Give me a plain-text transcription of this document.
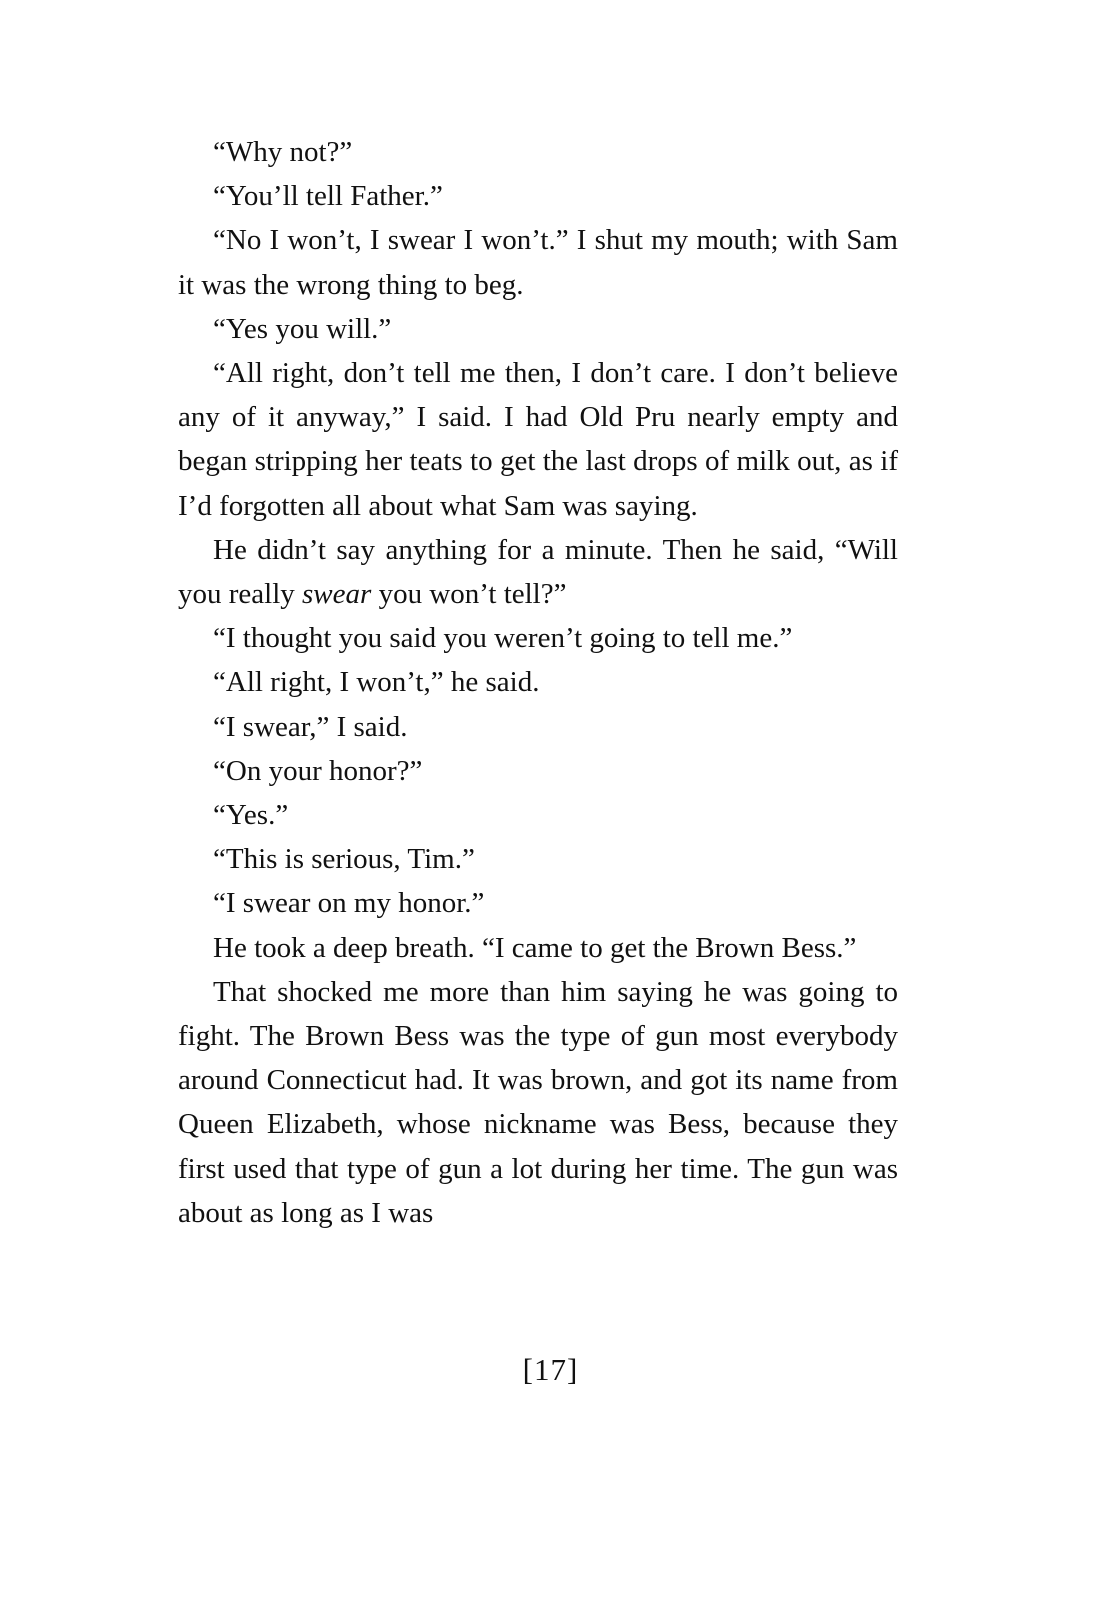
“Why not?”

“You’ll tell Father.”

“No I won’t, I swear I won’t.” I shut my mouth; with Sam it was the wrong thing to beg.

“Yes you will.”

“All right, don’t tell me then, I don’t care. I don’t believe any of it anyway,” I said. I had Old Pru nearly empty and began stripping her teats to get the last drops of milk out, as if I’d forgotten all about what Sam was saying.

He didn’t say anything for a minute. Then he said, “Will you really swear you won’t tell?”

“I thought you said you weren’t going to tell me.”

“All right, I won’t,” he said.

“I swear,” I said.

“On your honor?”

“Yes.”

“This is serious, Tim.”

“I swear on my honor.”

He took a deep breath. “I came to get the Brown Bess.”

That shocked me more than him saying he was going to fight. The Brown Bess was the type of gun most everybody around Connecticut had. It was brown, and got its name from Queen Elizabeth, whose nickname was Bess, because they first used that type of gun a lot during her time. The gun was about as long as I was

[17]
